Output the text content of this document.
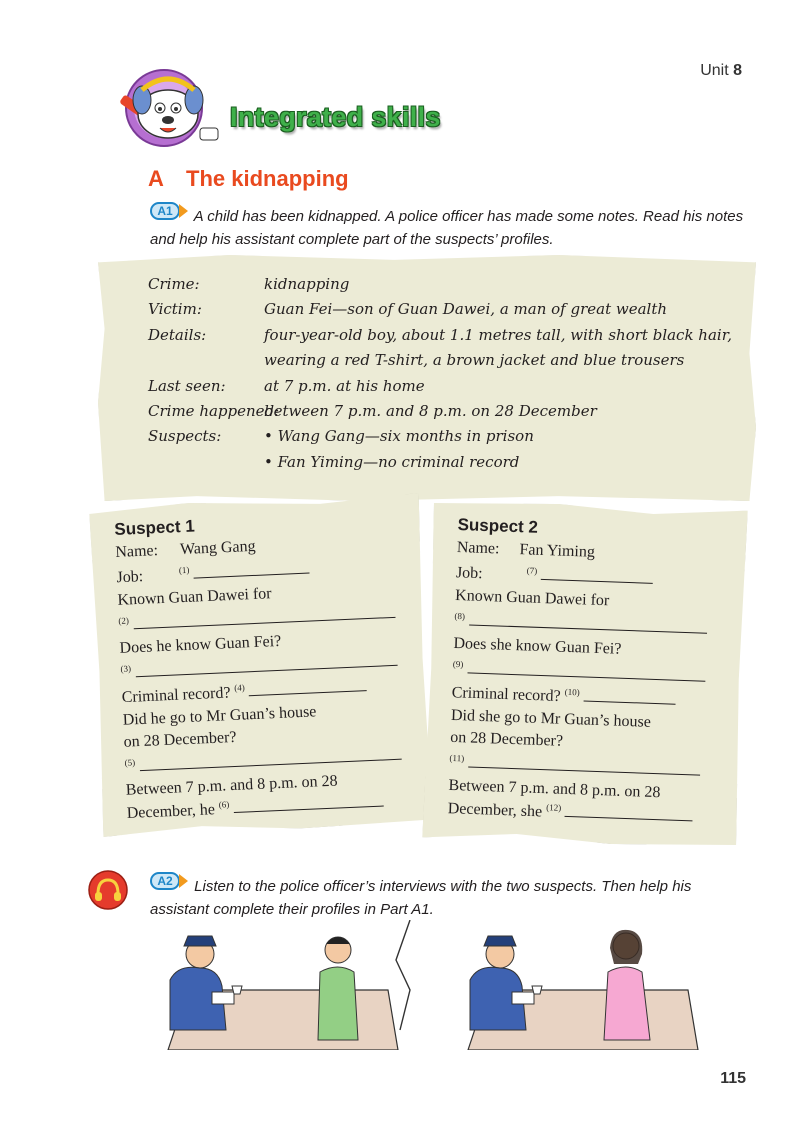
Unit 8
Integrated skills
A The kidnapping
A1	A child has been kidnapped. A police officer has made some notes. Read his notes and help his assistant complete part of the suspects’ profiles.
Crime:	kidnapping
Victim:	Guan Fei—son of Guan Dawei, a man of great wealth
Details:	four-year-old boy, about 1.1 metres tall, with short black hair,
wearing a red T-shirt, a brown jacket and blue trousers
Last seen:	at 7 p.m. at his home
Crime happened:
between 7 p.m. and 8 p.m. on 28 December
Suspects:	• Wang Gang—six months in prison
• Fan Yiming—no criminal record
Suspect 1
Name: Wang Gang
Job:	$^{(1)}$
Known Guan Dawei for
$^{(2)}$
Does he know Guan Fei?
$^{(3)}$
Criminal record? $^{(4)}$
Did he go to Mr Guan’s house
on 28 December?
$^{(5)}$
Between 7 p.m. and 8 p.m. on 28
December, he $^{(6)}$
Suspect 2
Name: Fan Yiming
Job:	$^{(7)}$
Known Guan Dawei for
$^{(8)}$
Does she know Guan Fei?
$^{(9)}$
Criminal record? $^{(10)}$
Did she go to Mr Guan’s house
on 28 December?
$^{(11)}$
Between 7 p.m. and 8 p.m. on 28
December, she $^{(12)}$
A2	Listen to the police officer’s interviews with the two suspects. Then help his assistant complete their profiles in Part A1.
115
